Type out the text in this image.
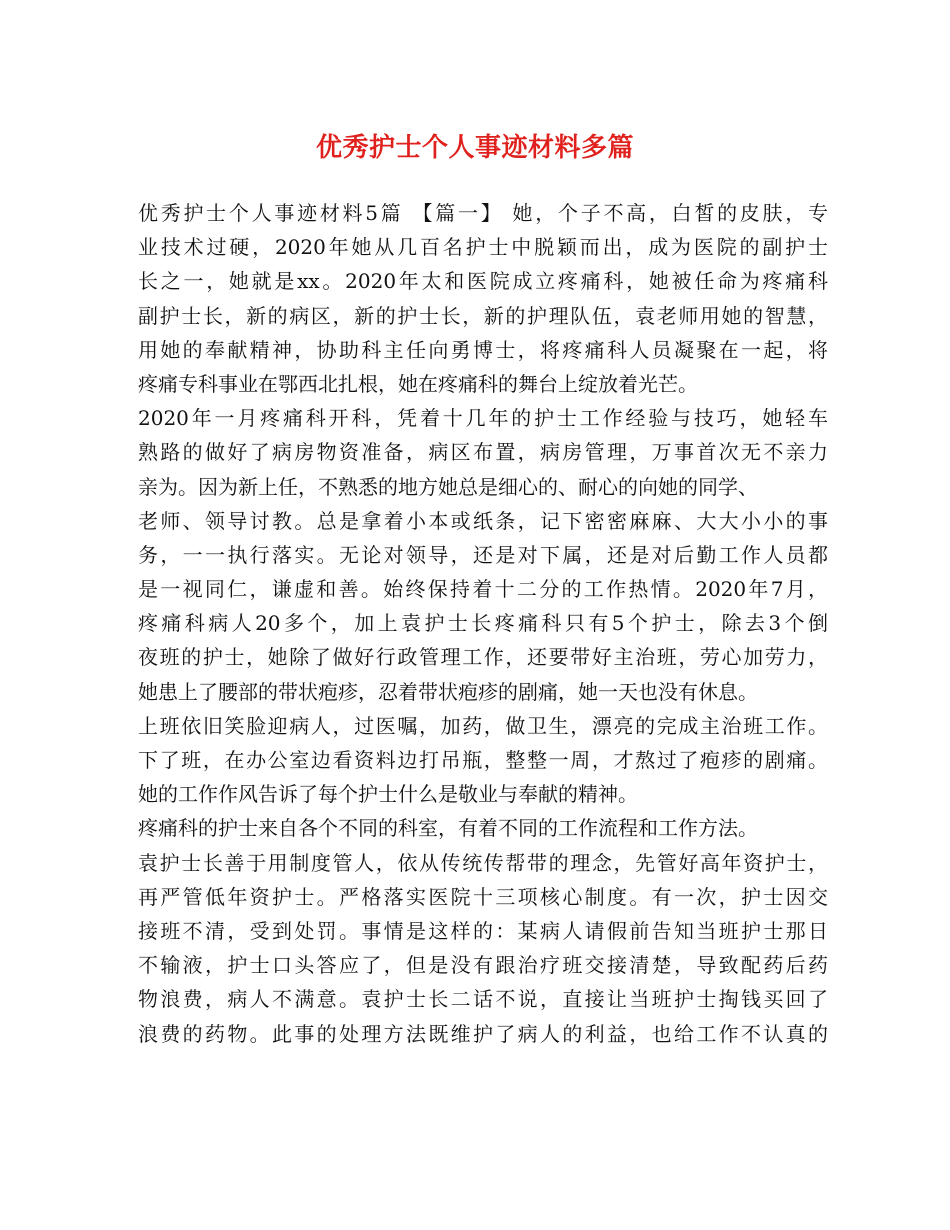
优秀护士个人事迹材料多篇
优秀护士个人事迹材料5篇 【篇一】 她，个子不高，白皙的皮肤，专
业技术过硬，2020年她从几百名护士中脱颖而出，成为医院的副护士
长之一，她就是xx。2020年太和医院成立疼痛科，她被任命为疼痛科
副护士长，新的病区，新的护士长，新的护理队伍，袁老师用她的智慧，
用她的奉献精神，协助科主任向勇博士，将疼痛科人员凝聚在一起，将
疼痛专科事业在鄂西北扎根，她在疼痛科的舞台上绽放着光芒。
2020年一月疼痛科开科，凭着十几年的护士工作经验与技巧，她轻车
熟路的做好了病房物资准备，病区布置，病房管理，万事首次无不亲力
亲为。因为新上任，不熟悉的地方她总是细心的、耐心的向她的同学、
老师、领导讨教。总是拿着小本或纸条，记下密密麻麻、大大小小的事
务，一一执行落实。无论对领导，还是对下属，还是对后勤工作人员都
是一视同仁，谦虚和善。始终保持着十二分的工作热情。2020年7月，
疼痛科病人20多个，加上袁护士长疼痛科只有5个护士，除去3个倒
夜班的护士，她除了做好行政管理工作，还要带好主治班，劳心加劳力，
她患上了腰部的带状疱疹，忍着带状疱疹的剧痛，她一天也没有休息。
上班依旧笑脸迎病人，过医嘱，加药，做卫生，漂亮的完成主治班工作。
下了班，在办公室边看资料边打吊瓶，整整一周，才熬过了疱疹的剧痛。
她的工作作风告诉了每个护士什么是敬业与奉献的精神。
疼痛科的护士来自各个不同的科室，有着不同的工作流程和工作方法。
袁护士长善于用制度管人，依从传统传帮带的理念，先管好高年资护士，
再严管低年资护士。严格落实医院十三项核心制度。有一次，护士因交
接班不清，受到处罚。事情是这样的：某病人请假前告知当班护士那日
不输液，护士口头答应了，但是没有跟治疗班交接清楚，导致配药后药
物浪费，病人不满意。袁护士长二话不说，直接让当班护士掏钱买回了
浪费的药物。此事的处理方法既维护了病人的利益，也给工作不认真的
